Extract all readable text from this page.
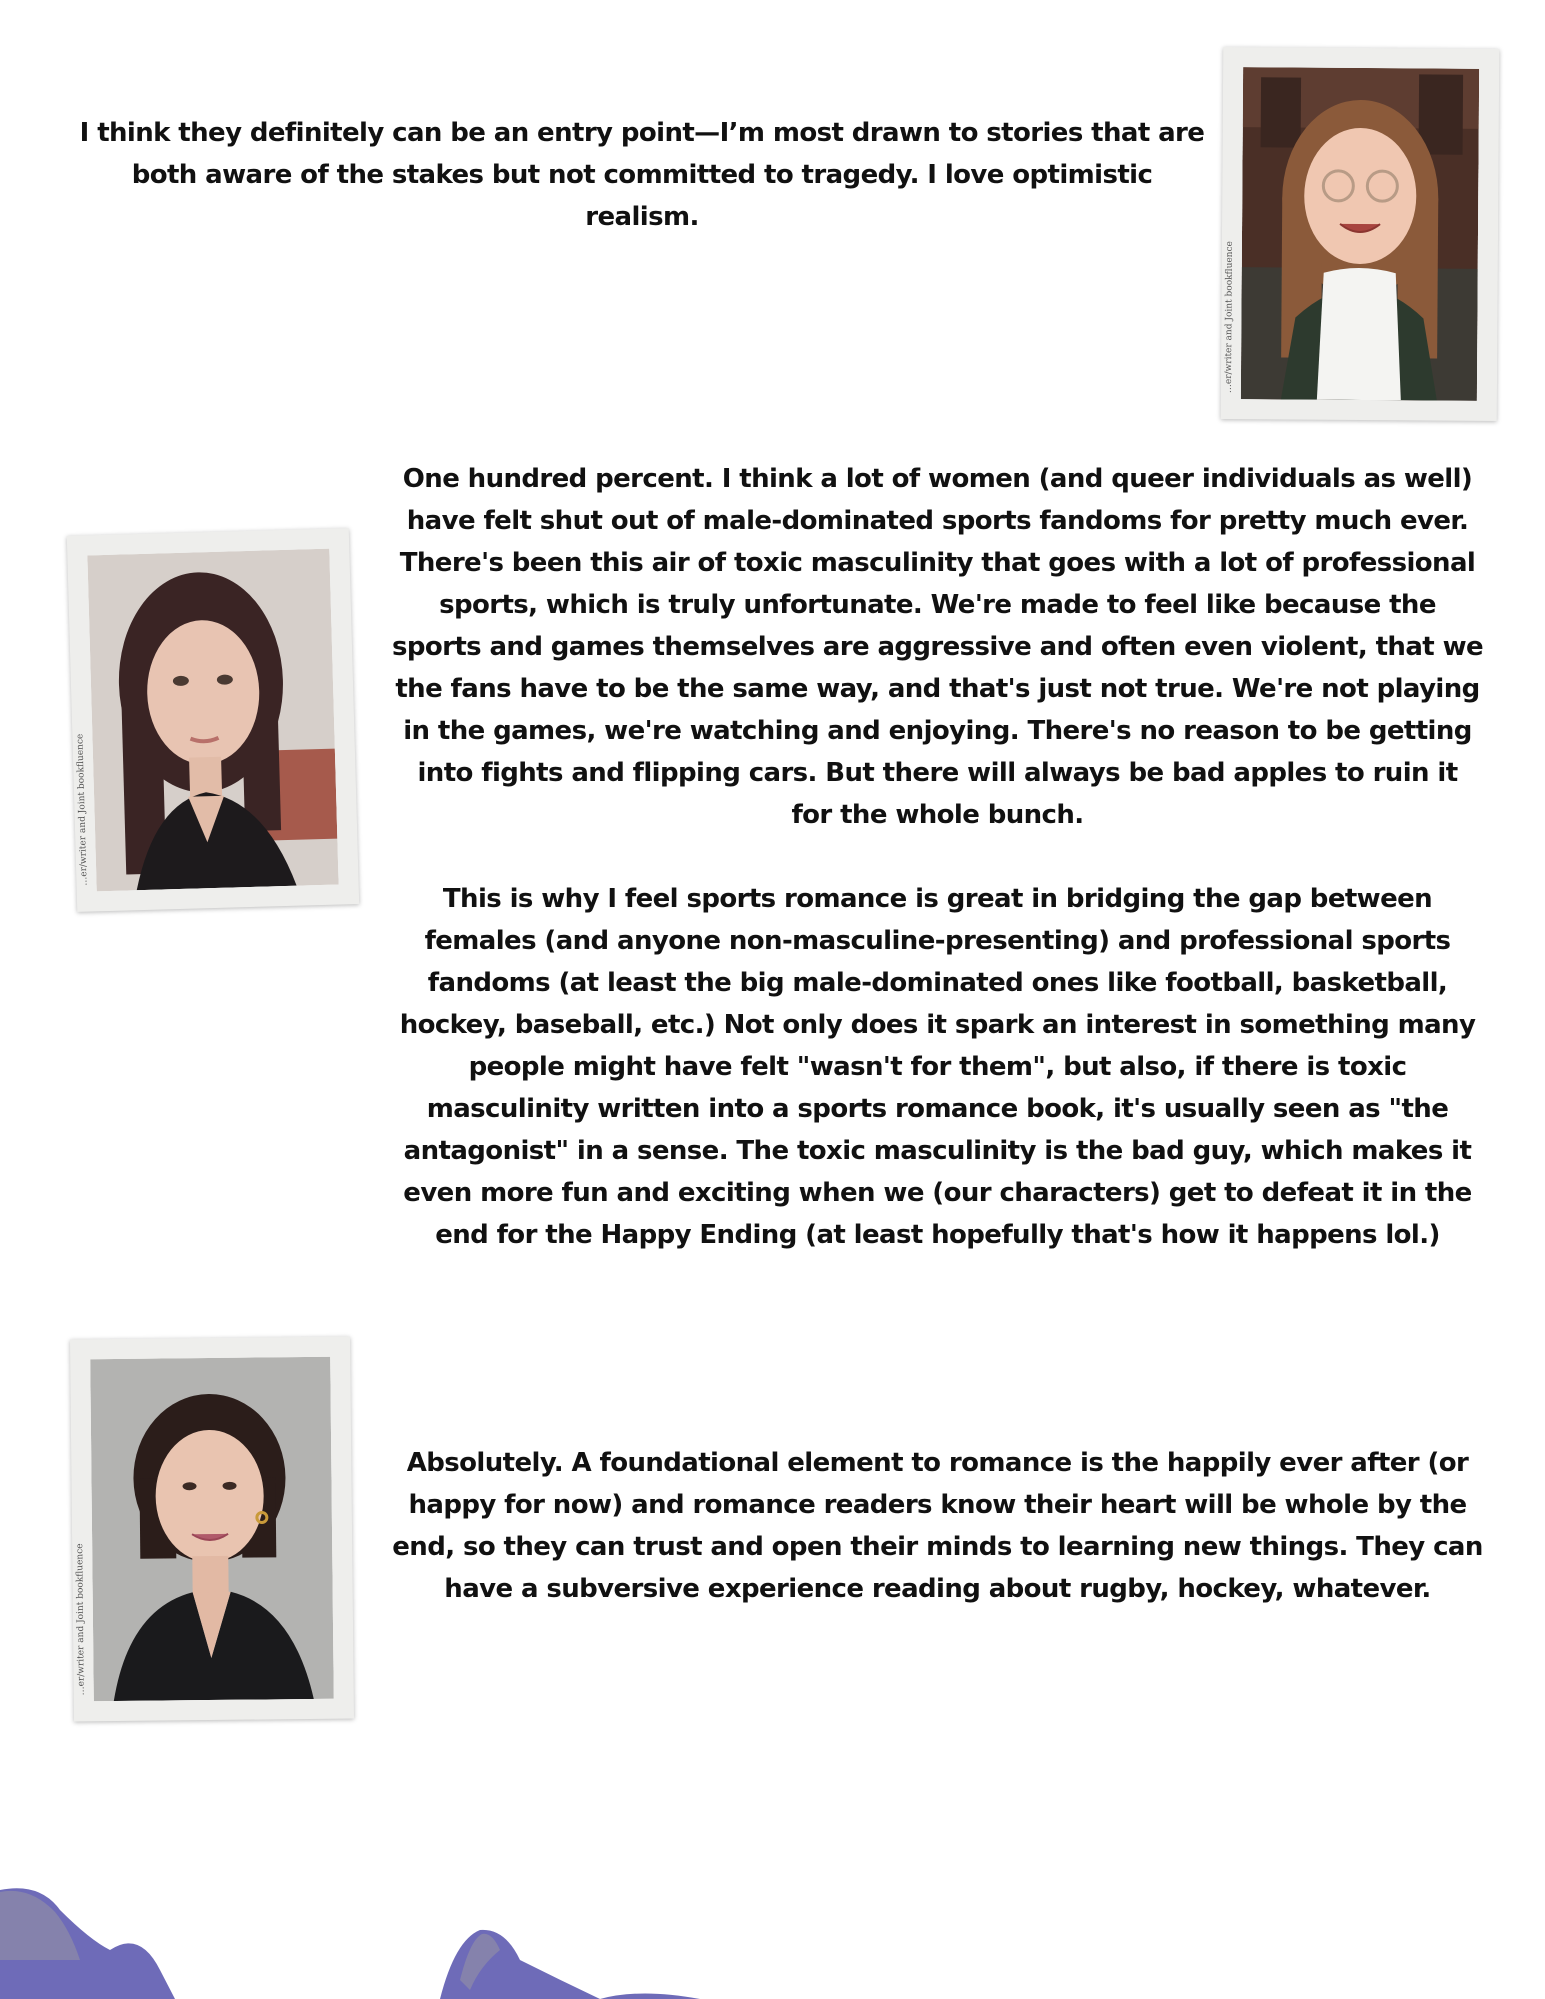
I think they definitely can be an entry point—I’m most drawn to stories that are
both aware of the stakes but not committed to tragedy. I love optimistic
realism.

…er/writer and Joint bookfluence
…er/writer and Joint bookfluence

One hundred percent. I think a lot of women (and queer individuals as well)
have felt shut out of male-dominated sports fandoms for pretty much ever.
There's been this air of toxic masculinity that goes with a lot of professional
sports, which is truly unfortunate. We're made to feel like because the
sports and games themselves are aggressive and often even violent, that we
the fans have to be the same way, and that's just not true. We're not playing
in the games, we're watching and enjoying. There's no reason to be getting
into fights and flipping cars. But there will always be bad apples to ruin it
for the whole bunch.

This is why I feel sports romance is great in bridging the gap between
females (and anyone non-masculine-presenting) and professional sports
fandoms (at least the big male-dominated ones like football, basketball,
hockey, baseball, etc.) Not only does it spark an interest in something many
people might have felt "wasn't for them", but also, if there is toxic
masculinity written into a sports romance book, it's usually seen as "the
antagonist" in a sense. The toxic masculinity is the bad guy, which makes it
even more fun and exciting when we (our characters) get to defeat it in the
end for the Happy Ending (at least hopefully that's how it happens lol.)

…er/writer and Joint bookfluence

Absolutely. A foundational element to romance is the happily ever after (or
happy for now) and romance readers know their heart will be whole by the
end, so they can trust and open their minds to learning new things. They can
have a subversive experience reading about rugby, hockey, whatever.
